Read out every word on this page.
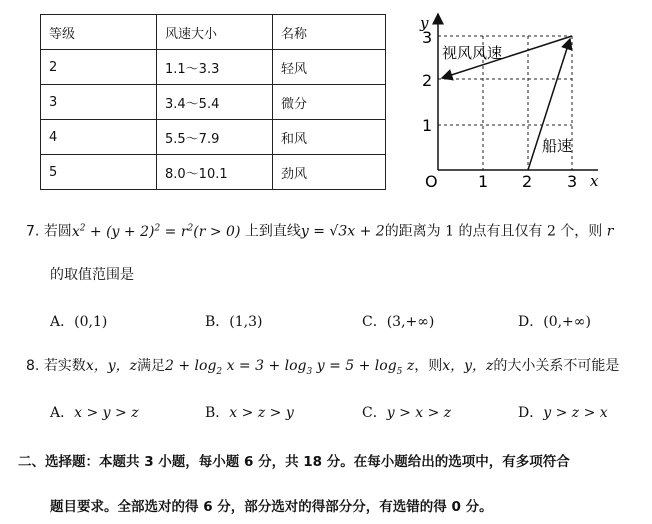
等级	风速大小	名称
2	1.1～3.3	轻风
3	3.4～5.4	微分
4	5.5～7.9	和风
5	8.0～10.1	劲风
y
x
O	1 2 3
1
2
3
视风风速
船速
7. 若圆$x^2 + (y + 2)^2 = r^2(r > 0)$ 上到直线y = √3x + 2的距离为 1 的点有且仅有 2 个，则 r
的取值范围是
A．(0,1)	B．(1,3)	C．(3,+∞)	D．(0,+∞)
8. 若实数x，y，z满足$2 + \log_2 x = 3 + \log_3 y = 5 + \log_5 z$，则x，y，z的大小关系不可能是
A．x > y > z	B．x > z > y	C．y > x > z	D．y > z > x
二、选择题：本题共 3 小题，每小题 6 分，共 18 分。在每小题给出的选项中，有多项符合
题目要求。全部选对的得 6 分，部分选对的得部分分，有选错的得 0 分。
